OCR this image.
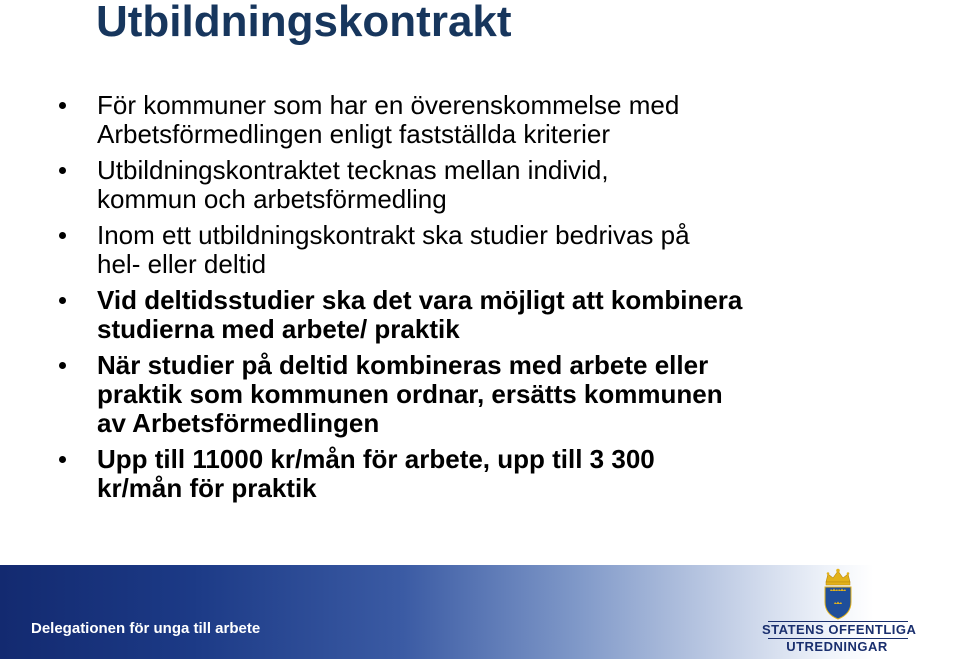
Utbildningskontrakt
För kommuner som har en överenskommelse med
Arbetsförmedlingen enligt fastställda kriterier
Utbildningskontraktet tecknas mellan individ,
kommun och arbetsförmedling
Inom ett utbildningskontrakt ska studier bedrivas på
hel- eller deltid
Vid deltidsstudier ska det vara möjligt att kombinera
studierna med arbete/ praktik
När studier på deltid kombineras med arbete eller
praktik som kommunen ordnar, ersätts kommunen
av Arbetsförmedlingen
Upp till 11000 kr/mån för arbete, upp till 3 300
kr/mån för praktik
Delegationen för unga till arbete	STATENS OFFENTLIGA
UTREDNINGAR
